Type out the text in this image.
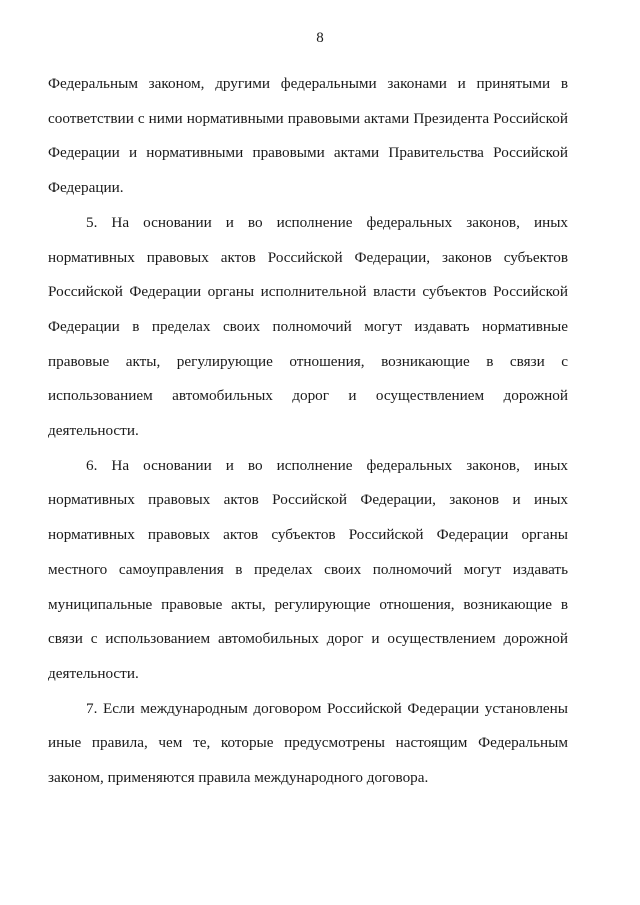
8

Федеральным законом, другими федеральными законами и принятыми в
соответствии с ними нормативными правовыми актами Президента Российской
Федерации и нормативными правовыми актами Правительства Российской
Федерации.

5. На основании и во исполнение федеральных законов, иных
нормативных правовых актов Российской Федерации, законов субъектов
Российской Федерации органы исполнительной власти субъектов Российской
Федерации в пределах своих полномочий могут издавать нормативные
правовые акты, регулирующие отношения, возникающие в связи с
использованием автомобильных дорог и осуществлением дорожной
деятельности.

6. На основании и во исполнение федеральных законов, иных
нормативных правовых актов Российской Федерации, законов и иных
нормативных правовых актов субъектов Российской Федерации органы
местного самоуправления в пределах своих полномочий могут издавать
муниципальные правовые акты, регулирующие отношения, возникающие в
связи с использованием автомобильных дорог и осуществлением дорожной
деятельности.

7. Если международным договором Российской Федерации установлены
иные правила, чем те, которые предусмотрены настоящим Федеральным
законом, применяются правила международного договора.
